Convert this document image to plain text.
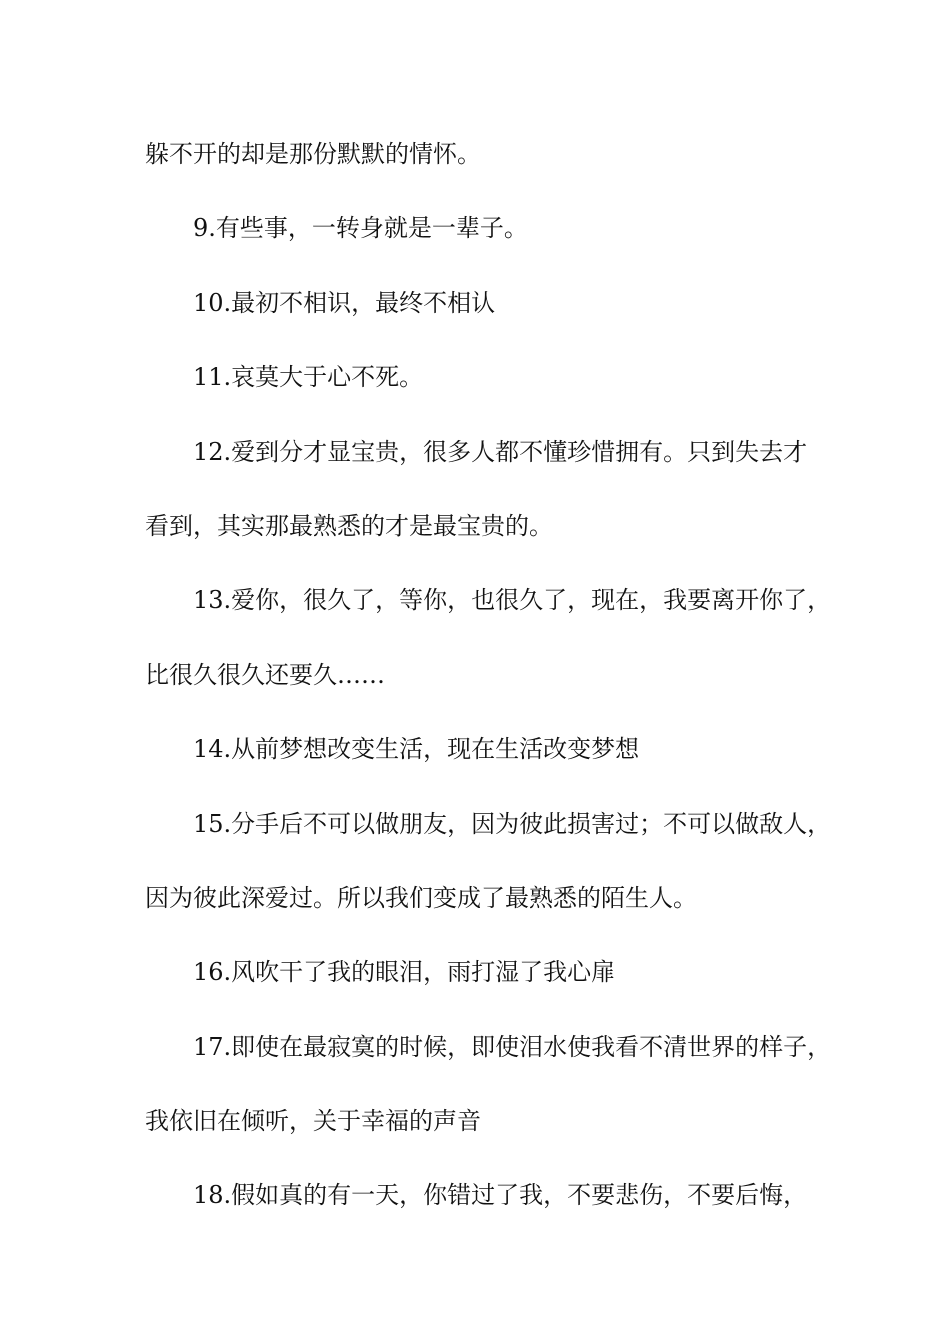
躲不开的却是那份默默的情怀。
9.有些事，一转身就是一辈子。
10.最初不相识，最终不相认
11.哀莫大于心不死。
12.爱到分才显宝贵，很多人都不懂珍惜拥有。只到失去才
看到，其实那最熟悉的才是最宝贵的。
13.爱你，很久了，等你，也很久了，现在，我要离开你了，
比很久很久还要久……
14.从前梦想改变生活，现在生活改变梦想
15.分手后不可以做朋友，因为彼此损害过；不可以做敌人，
因为彼此深爱过。所以我们变成了最熟悉的陌生人。
16.风吹干了我的眼泪，雨打湿了我心扉
17.即使在最寂寞的时候，即使泪水使我看不清世界的样子，
我依旧在倾听，关于幸福的声音
18.假如真的有一天，你错过了我，不要悲伤，不要后悔，
